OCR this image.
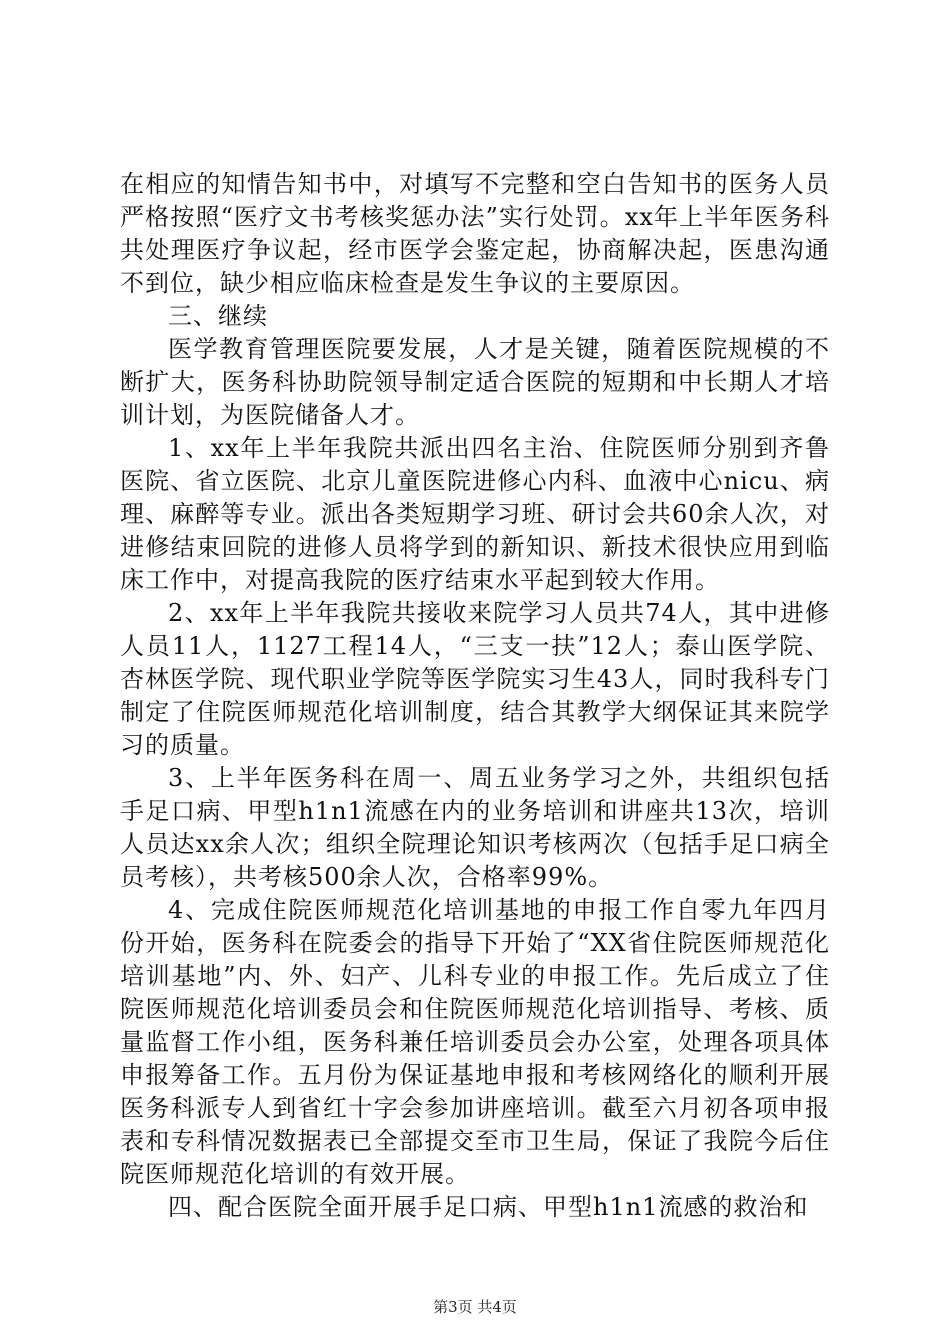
在相应的知情告知书中，对填写不完整和空白告知书的医务人员严格按照“医疗文书考核奖惩办法”实行处罚。xx年上半年医务科共处理医疗争议起，经市医学会鉴定起，协商解决起，医患沟通不到位，缺少相应临床检查是发生争议的主要原因。

三、继续

医学教育管理医院要发展，人才是关键，随着医院规模的不断扩大，医务科协助院领导制定适合医院的短期和中长期人才培训计划，为医院储备人才。

1、xx年上半年我院共派出四名主治、住院医师分别到齐鲁医院、省立医院、北京儿童医院进修心内科、血液中心nicu、病理、麻醉等专业。派出各类短期学习班、研讨会共60余人次，对进修结束回院的进修人员将学到的新知识、新技术很快应用到临床工作中，对提高我院的医疗结束水平起到较大作用。

2、xx年上半年我院共接收来院学习人员共74人，其中进修人员11人，1127工程14人，“三支一扶”12人；泰山医学院、杏林医学院、现代职业学院等医学院实习生43人，同时我科专门制定了住院医师规范化培训制度，结合其教学大纲保证其来院学习的质量。

3、上半年医务科在周一、周五业务学习之外，共组织包括手足口病、甲型h1n1流感在内的业务培训和讲座共13次，培训人员达xx余人次；组织全院理论知识考核两次（包括手足口病全员考核），共考核500余人次，合格率99%。

4、完成住院医师规范化培训基地的申报工作自零九年四月份开始，医务科在院委会的指导下开始了“XX省住院医师规范化培训基地”内、外、妇产、儿科专业的申报工作。先后成立了住院医师规范化培训委员会和住院医师规范化培训指导、考核、质量监督工作小组，医务科兼任培训委员会办公室，处理各项具体申报筹备工作。五月份为保证基地申报和考核网络化的顺利开展医务科派专人到省红十字会参加讲座培训。截至六月初各项申报表和专科情况数据表已全部提交至市卫生局，保证了我院今后住院医师规范化培训的有效开展。

四、配合医院全面开展手足口病、甲型h1n1流感的救治和

第3页 共4页
